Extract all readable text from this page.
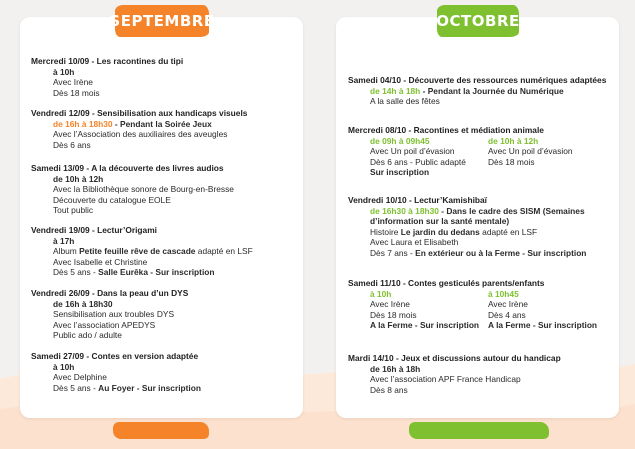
SEPTEMBRE	OCTOBRE
Mercredi 10/09 - Les racontines du tipi
à 10h
Avec Irène
Dès 18 mois
Vendredi 12/09 - Sensibilisation aux handicaps visuels
de 16h à 18h30 - Pendant la Soirée Jeux
Avec l’Association des auxiliaires des aveugles
Dès 6 ans
Samedi 13/09 - A la découverte des livres audios
de 10h à 12h
Avec la Bibliothèque sonore de Bourg-en-Bresse
Découverte du catalogue EOLE
Tout public
Vendredi 19/09 - Lectur’Origami
à 17h
Album Petite feuille rêve de cascade adapté en LSF
Avec Isabelle et Christine
Dès 5 ans - Salle Eurêka - Sur inscription
Vendredi 26/09 - Dans la peau d’un DYS
de 16h à 18h30
Sensibilisation aux troubles DYS
Avec l’association APEDYS
Public ado / adulte
Samedi 27/09 - Contes en version adaptée
à 10h
Avec Delphine
Dès 5 ans - Au Foyer - Sur inscription
Samedi 04/10 - Découverte des ressources numériques adaptées
de 14h à 18h - Pendant la Journée du Numérique
A la salle des fêtes
Mercredi 08/10 - Racontines et médiation animale
de 09h à 09h45
Avec Un poil d’évasion
Dès 6 ans - Public adapté
Sur inscription
de 10h à 12h
Avec Un poil d’évasion
Dès 18 mois
Vendredi 10/10 - Lectur’Kamishibaï
de 16h30 à 18h30 - Dans le cadre des SISM (Semaines
d’information sur la santé mentale)
Histoire Le jardin du dedans adapté en LSF
Avec Laura et Elisabeth
Dès 7 ans - En extérieur ou à la Ferme - Sur inscription
Samedi 11/10 - Contes gesticulés parents/enfants
à 10h
Avec Irène
Dès 18 mois
A la Ferme - Sur inscription
à 10h45
Avec Irène
Dès 4 ans
A la Ferme - Sur inscription
Mardi 14/10 - Jeux et discussions autour du handicap
de 16h à 18h
Avec l’association APF France Handicap
Dès 8 ans
